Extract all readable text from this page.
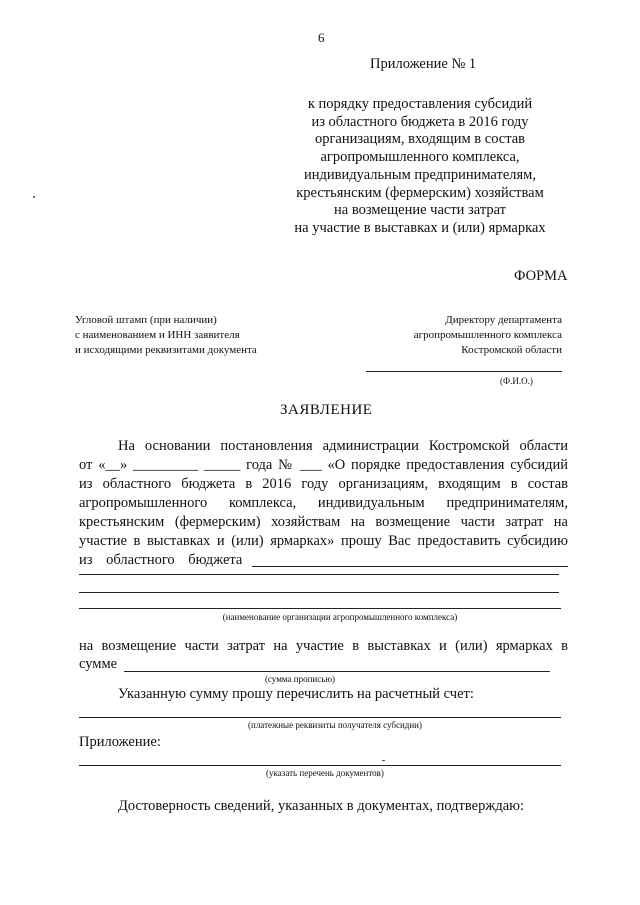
6
Приложение № 1
к порядку предоставления субсидий
из областного бюджета в 2016 году
организациям, входящим в состав
агропромышленного комплекса,
индивидуальным предпринимателям,
крестьянским (фермерским) хозяйствам
на возмещение части затрат
на участие в выставках и (или) ярмарках
ФОРМА
Угловой штамп (при наличии)
с наименованием и ИНН заявителя
и исходящими реквизитами документа
Директору департамента
агропромышленного комплекса
Костромской области
(Ф.И.О.)
ЗАЯВЛЕНИЕ
На основании постановления администрации Костромской области
от «__» _________ _____ года № ___ «О порядке предоставления субсидий
из областного бюджета в 2016 году организациям, входящим в состав
агропромышленного комплекса, индивидуальным предпринимателям,
крестьянским (фермерским) хозяйствам на возмещение части затрат на
участие в выставках и (или) ярмарках» прошу Вас предоставить субсидию
из областного бюджета
(наименование организации агропромышленного комплекса)
на возмещение части затрат на участие в выставках и (или) ярмарках в
сумме
(сумма прописью)
Указанную сумму прошу перечислить на расчетный счет:
(платежные реквизиты получателя субсидии)
Приложение:
(указать перечень документов)
Достоверность сведений, указанных в документах, подтверждаю:
